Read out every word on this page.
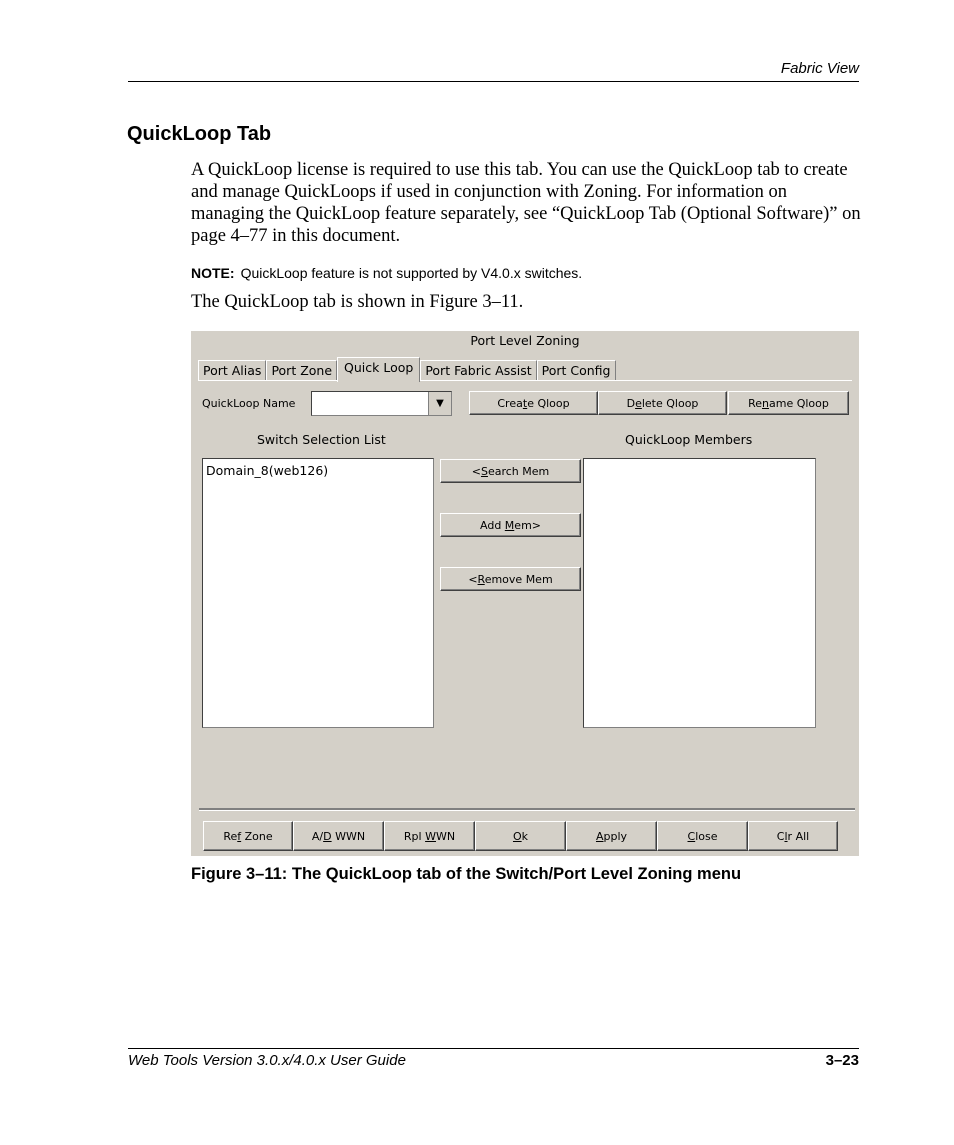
Fabric View
QuickLoop Tab
A QuickLoop license is required to use this tab. You can use the QuickLoop tab to create and manage QuickLoops if used in conjunction with Zoning. For information on managing the QuickLoop feature separately, see “QuickLoop Tab (Optional Software)” on page 4–77 in this document.
NOTE: QuickLoop feature is not supported by V4.0.x switches.
The QuickLoop tab is shown in Figure 3–11.
Port Level Zoning
Port Alias Port Zone Quick Loop Port Fabric Assist Port Config
QuickLoop Name	▼	Create Qloop	Delete Qloop	Rename Qloop
Switch Selection List
Domain_8(web126)	<Search Mem
Add Mem>
<Remove Mem
QuickLoop Members
Ref Zone	A/D WWN	Rpl WWN	Ok	Apply	Close	Clr All
Figure 3–11: The QuickLoop tab of the Switch/Port Level Zoning menu
Web Tools Version 3.0.x/4.0.x User Guide	3–23
